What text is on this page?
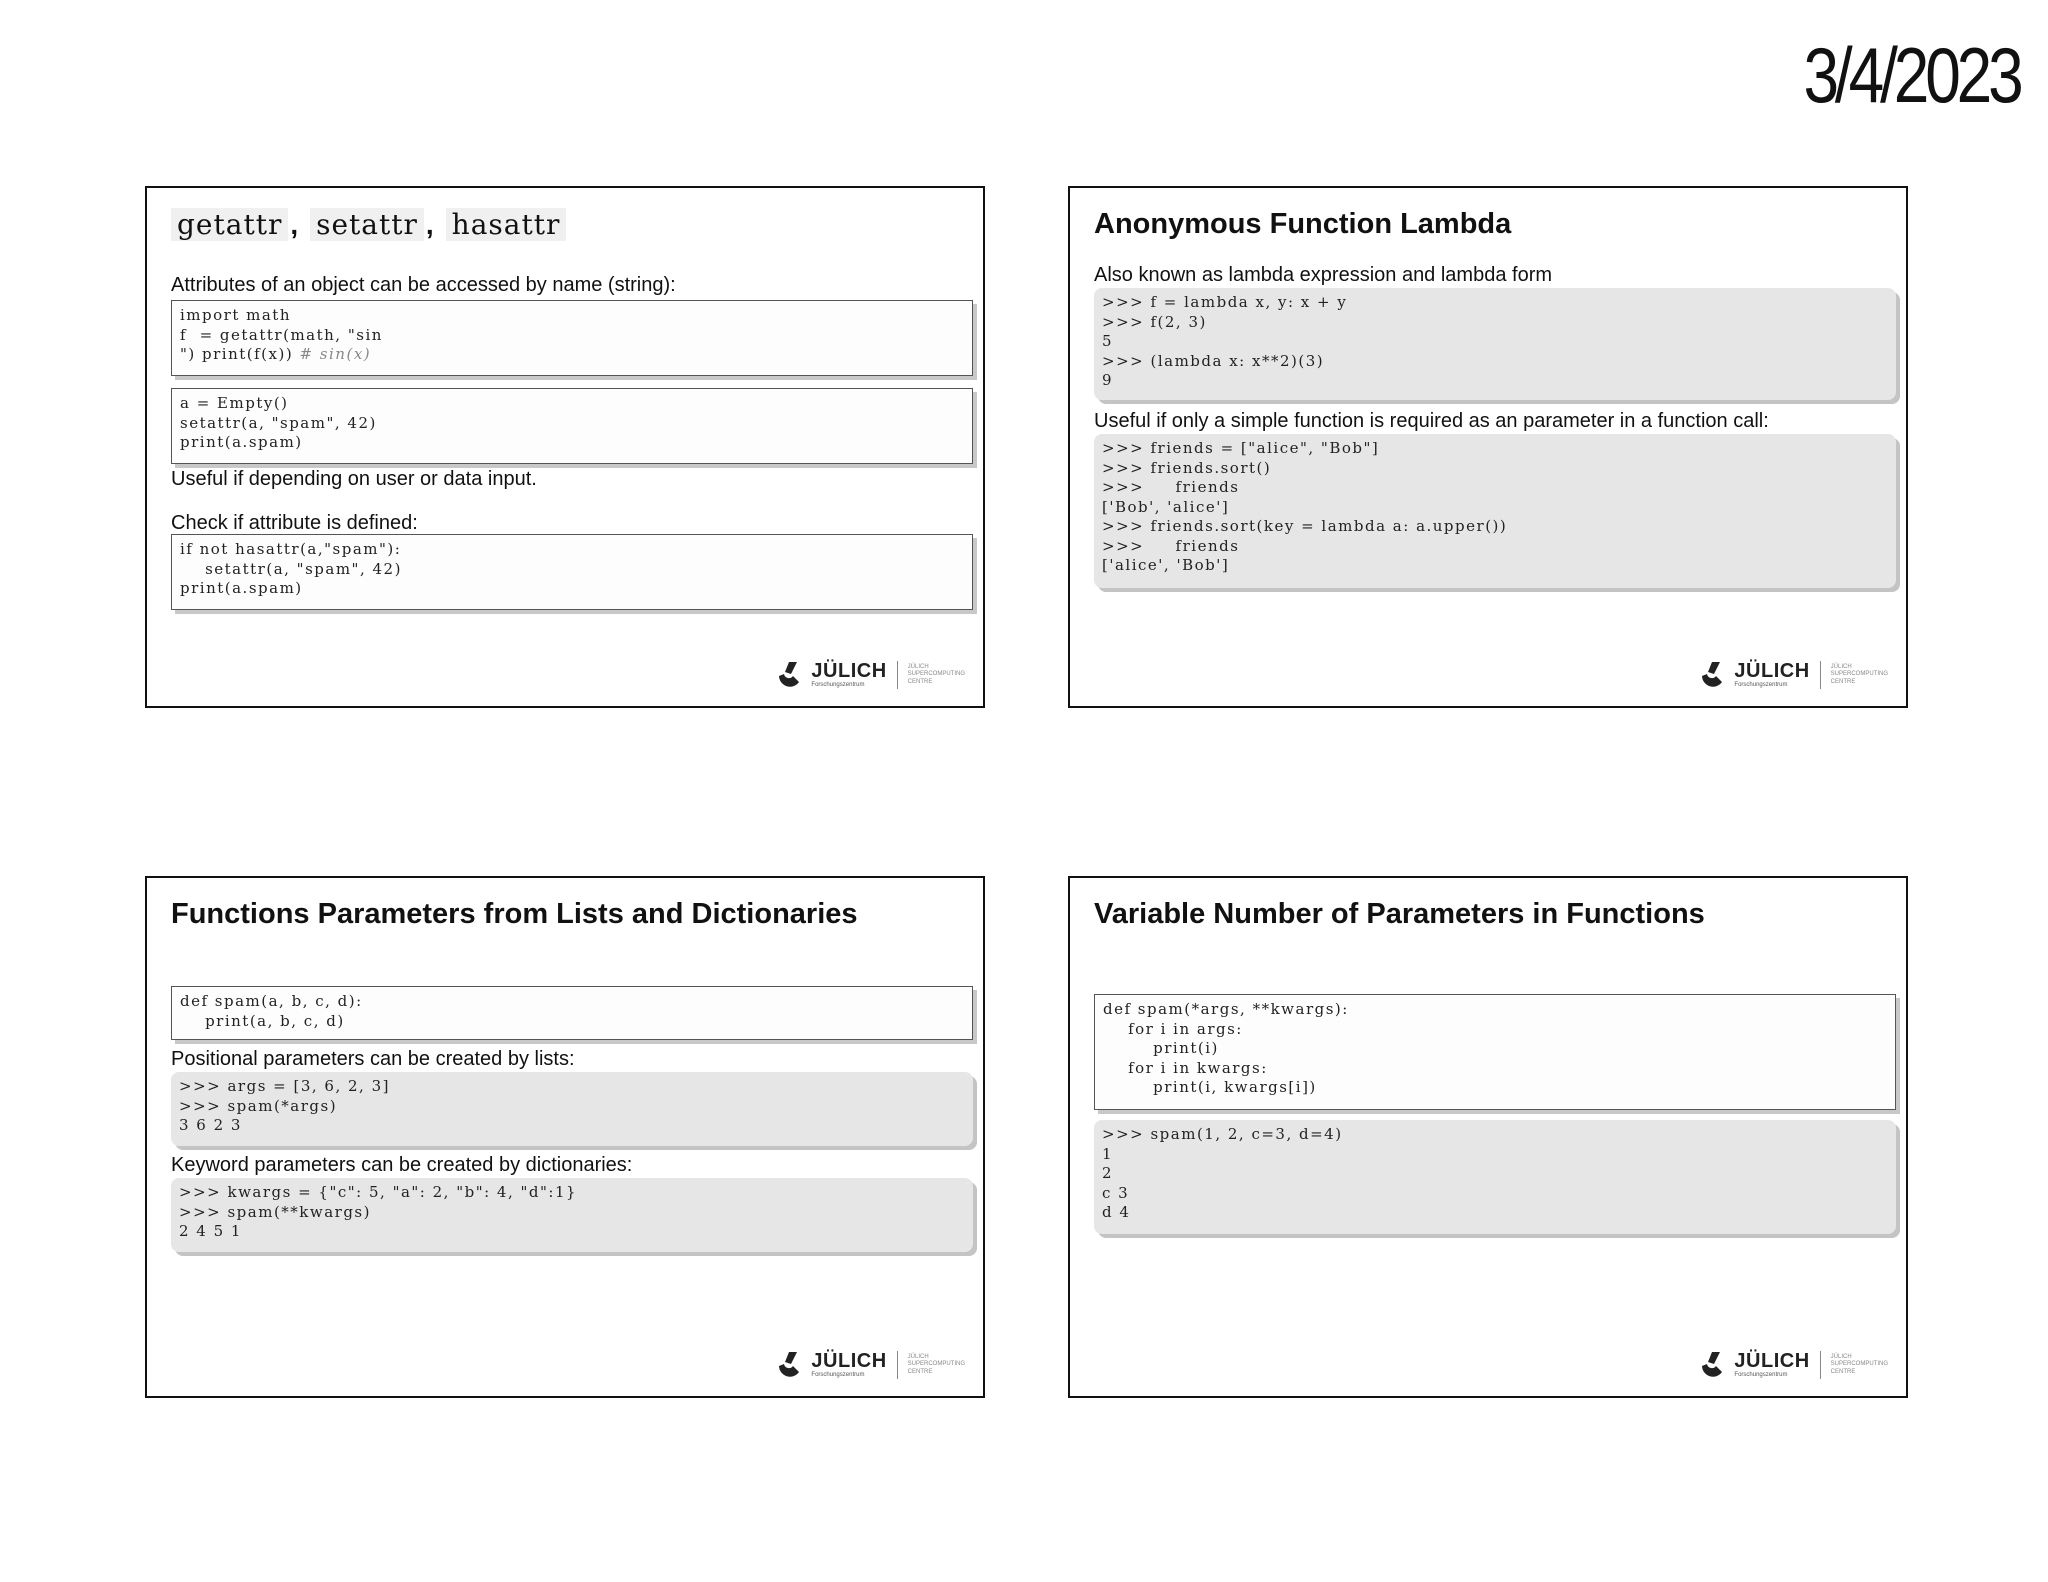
3/4/2023
getattr , setattr , hasattr
Attributes of an object can be accessed by name (string):
import math
f  = getattr(math, "sin
") print(f(x)) # sin(x)
a = Empty()
setattr(a, "spam", 42)
print(a.spam)
Useful if depending on user or data input.
Check if attribute is defined:
if not hasattr(a,"spam"):
setattr(a, "spam", 42)
print(a.spam)
JÜLICH
Forschungszentrum
JÜLICH
SUPERCOMPUTING
CENTRE
Anonymous Function Lambda
Also known as lambda expression and lambda form
>>> f = lambda x, y: x + y
>>> f(2, 3)
5
>>> (lambda x: x**2)(3)
9
Useful if only a simple function is required as an parameter in a function call:
>>> friends = ["alice", "Bob"]
>>> friends.sort()
>>>     friends
['Bob', 'alice']
>>> friends.sort(key = lambda a: a.upper())
>>>     friends
['alice', 'Bob']
JÜLICH
Forschungszentrum
JÜLICH
SUPERCOMPUTING
CENTRE
Functions Parameters from Lists and Dictionaries
def spam(a, b, c, d):
print(a, b, c, d)
Positional parameters can be created by lists:
>>> args = [3, 6, 2, 3]
>>> spam(*args)
3 6 2 3
Keyword parameters can be created by dictionaries:
>>> kwargs = {"c": 5, "a": 2, "b": 4, "d":1}
>>> spam(**kwargs)
2 4 5 1
JÜLICH
Forschungszentrum
JÜLICH
SUPERCOMPUTING
CENTRE
Variable Number of Parameters in Functions
def spam(*args, **kwargs):
for i in args:
print(i)
for i in kwargs:
print(i, kwargs[i])
>>> spam(1, 2, c=3, d=4)
1
2
c 3
d 4
JÜLICH
Forschungszentrum
JÜLICH
SUPERCOMPUTING
CENTRE
